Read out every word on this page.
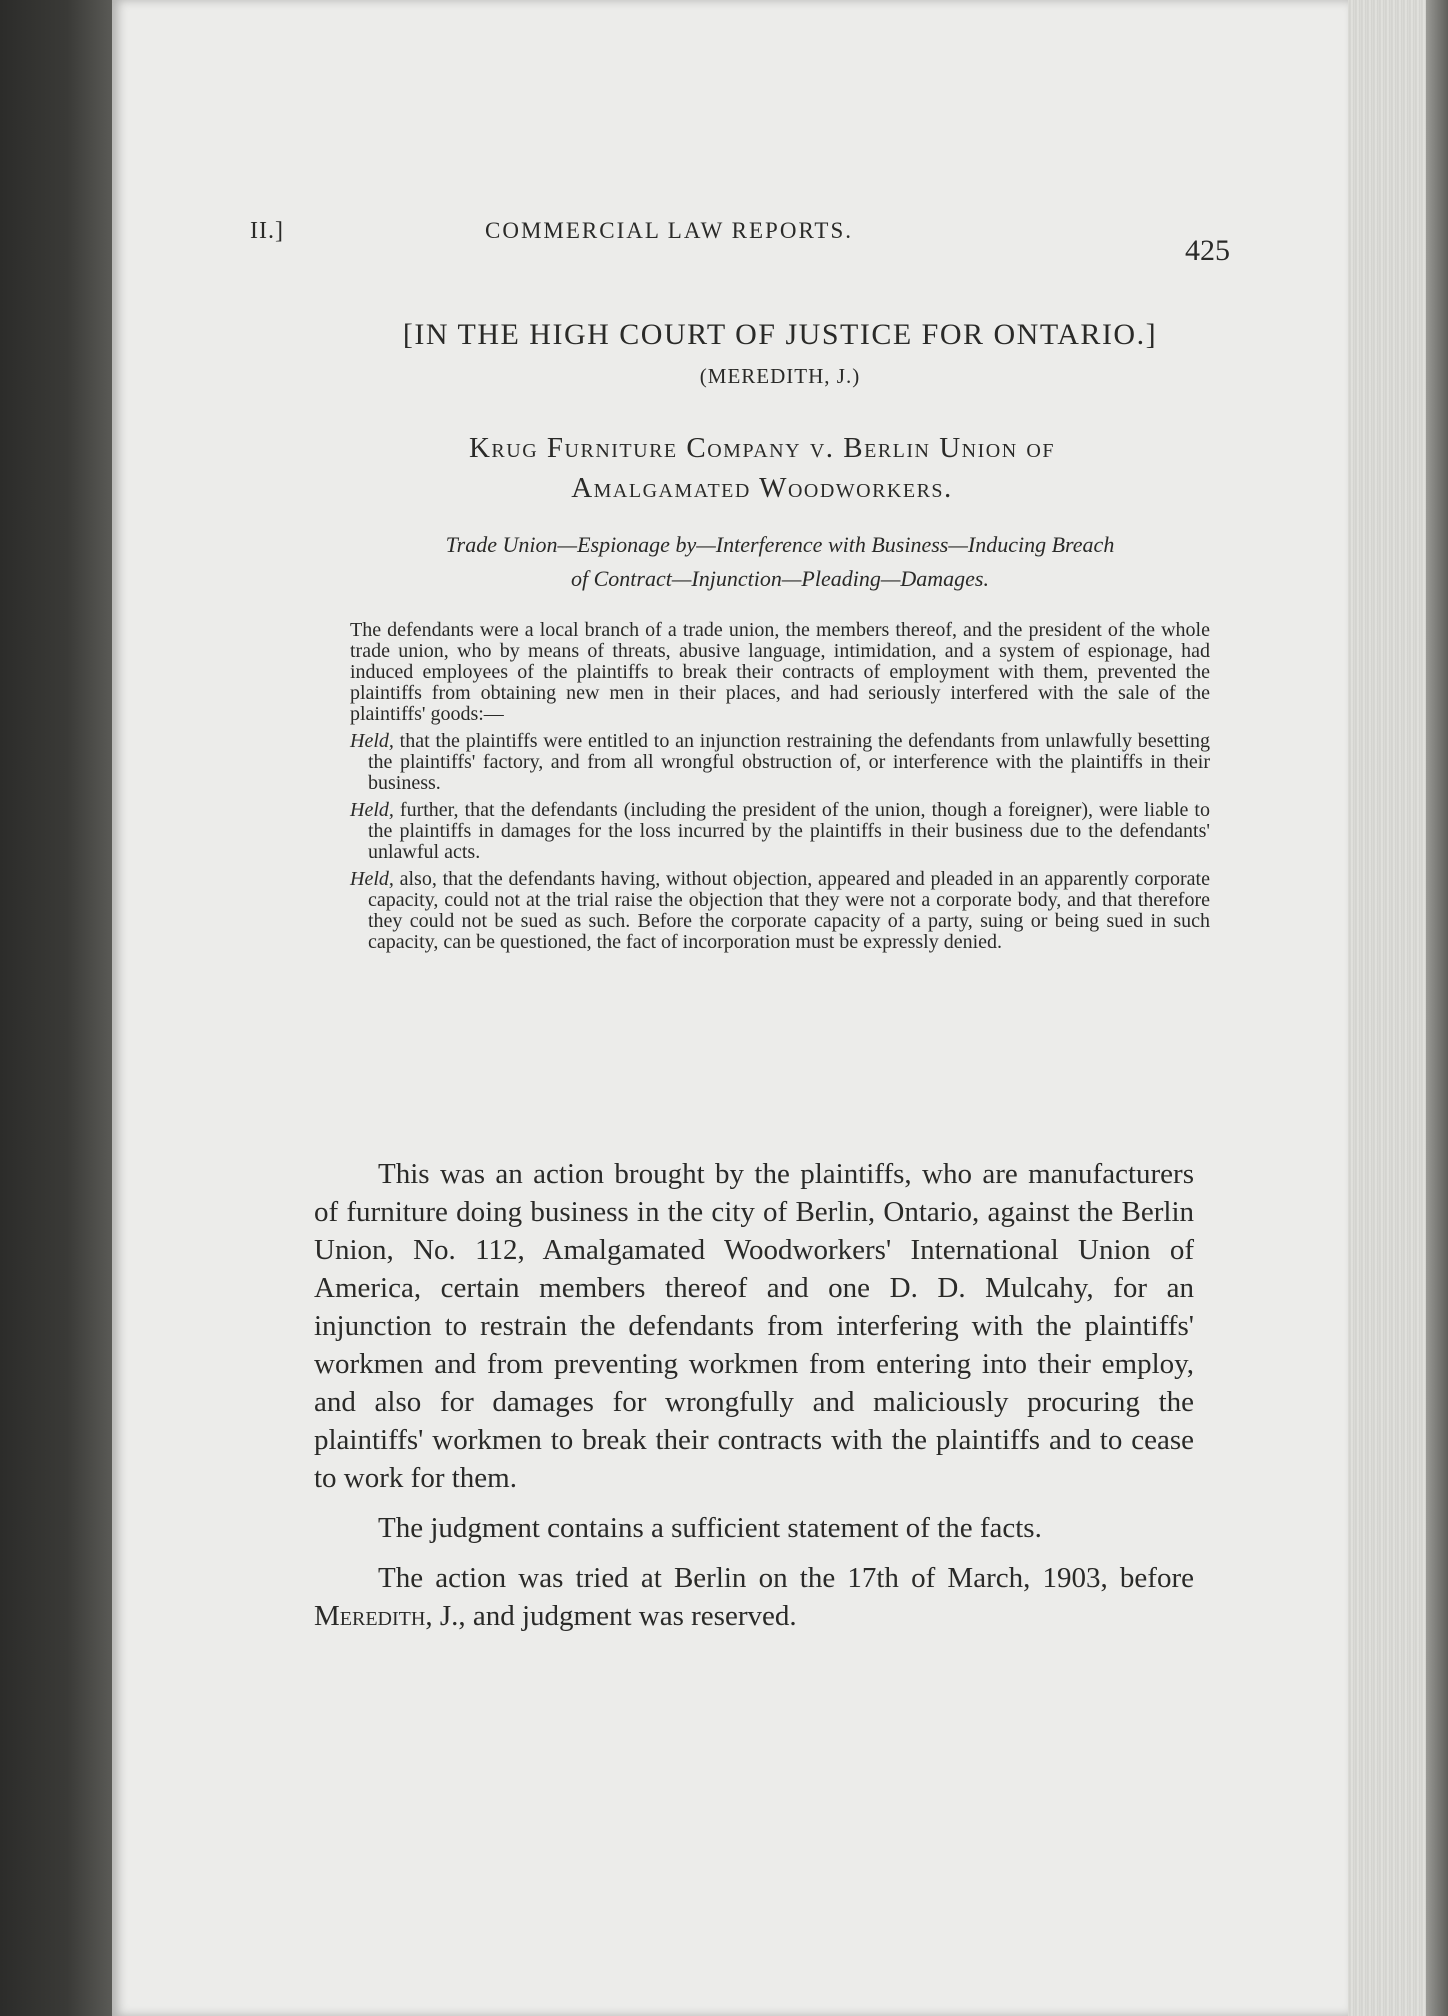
II.]	COMMERCIAL LAW REPORTS.
425
[IN THE HIGH COURT OF JUSTICE FOR ONTARIO.]
(MEREDITH, J.)
Krug Furniture Company v. Berlin Union of
Amalgamated Woodworkers.
Trade Union—Espionage by—Interference with Business—Inducing Breach
of Contract—Injunction—Pleading—Damages.

The defendants were a local branch of a trade union, the members thereof, and the president of the whole trade union, who by means of threats, abusive language, intimidation, and a system of espionage, had induced employees of the plaintiffs to break their contracts of employment with them, prevented the plaintiffs from obtaining new men in their places, and had seriously interfered with the sale of the plaintiffs' goods:—

Held, that the plaintiffs were entitled to an injunction restraining the defendants from unlawfully besetting the plaintiffs' factory, and from all wrongful obstruction of, or interference with the plaintiffs in their business.

Held, further, that the defendants (including the president of the union, though a foreigner), were liable to the plaintiffs in damages for the loss incurred by the plaintiffs in their business due to the defendants' unlawful acts.

Held, also, that the defendants having, without objection, appeared and pleaded in an apparently corporate capacity, could not at the trial raise the objection that they were not a corporate body, and that therefore they could not be sued as such. Before the corporate capacity of a party, suing or being sued in such capacity, can be questioned, the fact of incorporation must be expressly denied.

This was an action brought by the plaintiffs, who are manufacturers of furniture doing business in the city of Berlin, Ontario, against the Berlin Union, No. 112, Amalgamated Woodworkers' International Union of America, certain members thereof and one D. D. Mulcahy, for an injunction to restrain the defendants from interfering with the plaintiffs' workmen and from preventing workmen from entering into their employ, and also for damages for wrongfully and maliciously procuring the plaintiffs' workmen to break their contracts with the plaintiffs and to cease to work for them.

The judgment contains a sufficient statement of the facts.

The action was tried at Berlin on the 17th of March, 1903, before Meredith, J., and judgment was reserved.
